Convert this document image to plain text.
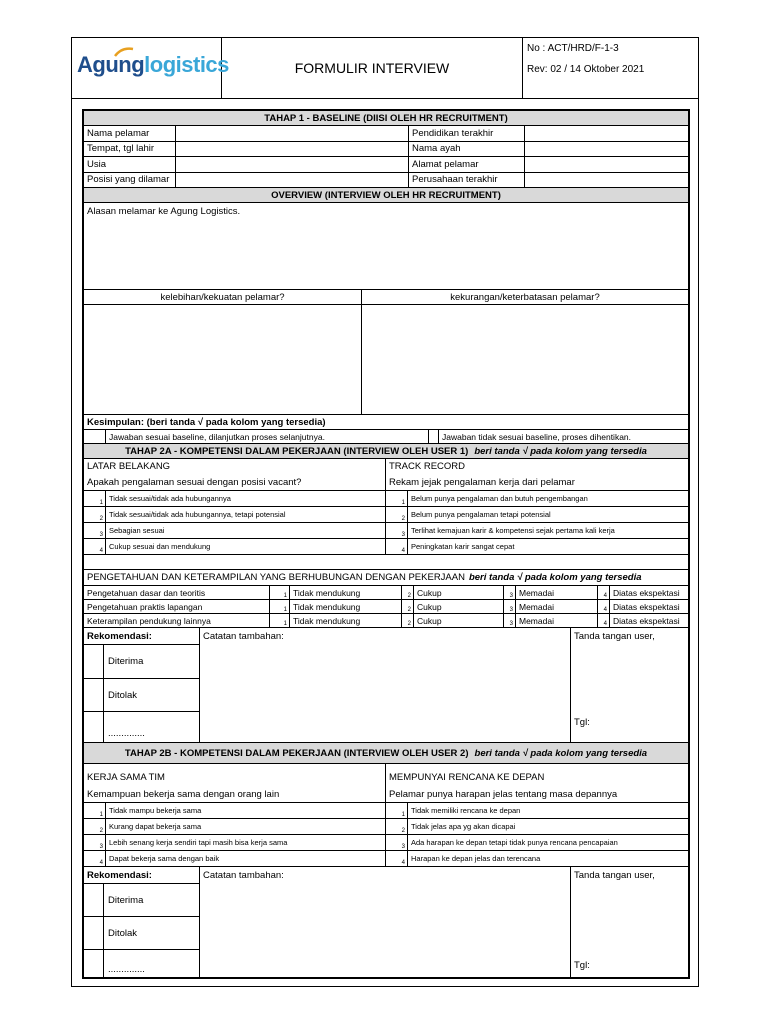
Agunglogistics	FORMULIR INTERVIEW
No : ACT/HRD/F-1-3
Rev: 02 / 14 Oktober 2021
TAHAP 1 - BASELINE (DIISI OLEH HR RECRUITMENT)
Nama pelamar	Pendidikan terakhir
Tempat, tgl lahir	Nama ayah
Usia	Alamat pelamar
Posisi yang dilamar	Perusahaan terakhir
OVERVIEW (INTERVIEW OLEH HR RECRUITMENT)
Alasan melamar ke Agung Logistics.
kelebihan/kekuatan pelamar?	kekurangan/keterbatasan pelamar?
Kesimpulan: (beri tanda √ pada kolom yang tersedia)
Jawaban sesuai baseline, dilanjutkan proses selanjutnya.	Jawaban tidak sesuai baseline, proses dihentikan.
TAHAP 2A - KOMPETENSI DALAM PEKERJAAN (INTERVIEW OLEH USER 1) beri tanda √ pada kolom yang tersedia
LATAR BELAKANG	TRACK RECORD
Apakah pengalaman sesuai dengan posisi vacant?	Rekam jejak pengalaman kerja dari pelamar
1 Tidak sesuai/tidak ada hubungannya	1 Belum punya pengalaman dan butuh pengembangan
2 Tidak sesuai/tidak ada hubungannya, tetapi potensial	2 Belum punya pengalaman tetapi potensial
3 Sebagian sesuai	3 Terlihat kemajuan karir & kompetensi sejak pertama kali kerja
4 Cukup sesuai dan mendukung	4 Peningkatan karir sangat cepat
PENGETAHUAN DAN KETERAMPILAN YANG BERHUBUNGAN DENGAN PEKERJAAN beri tanda √ pada kolom yang tersedia
Pengetahuan dasar dan teoritis	1 Tidak mendukung	2 Cukup	3 Memadai	4 Diatas ekspektasi
Pengetahuan praktis lapangan	1 Tidak mendukung	2 Cukup	3 Memadai	4 Diatas ekspektasi
Keterampilan pendukung lainnya	1 Tidak mendukung	2 Cukup	3 Memadai	4 Diatas ekspektasi
Rekomendasi:
Diterima
Ditolak
..............
Catatan tambahan:	Tanda tangan user,
Tgl:
TAHAP 2B - KOMPETENSI DALAM PEKERJAAN (INTERVIEW OLEH USER 2) beri tanda √ pada kolom yang tersedia
KERJA SAMA TIM
Kemampuan bekerja sama dengan orang lain
MEMPUNYAI RENCANA KE DEPAN
Pelamar punya harapan jelas tentang masa depannya
1 Tidak mampu bekerja sama	1 Tidak memiliki rencana ke depan
2 Kurang dapat bekerja sama	2 Tidak jelas apa yg akan dicapai
3 Lebih senang kerja sendiri tapi masih bisa kerja sama	3 Ada harapan ke depan tetapi tidak punya rencana pencapaian
4 Dapat bekerja sama dengan baik	4 Harapan ke depan jelas dan terencana
Rekomendasi:
Diterima
Ditolak
..............
Catatan tambahan:	Tanda tangan user,
Tgl:
